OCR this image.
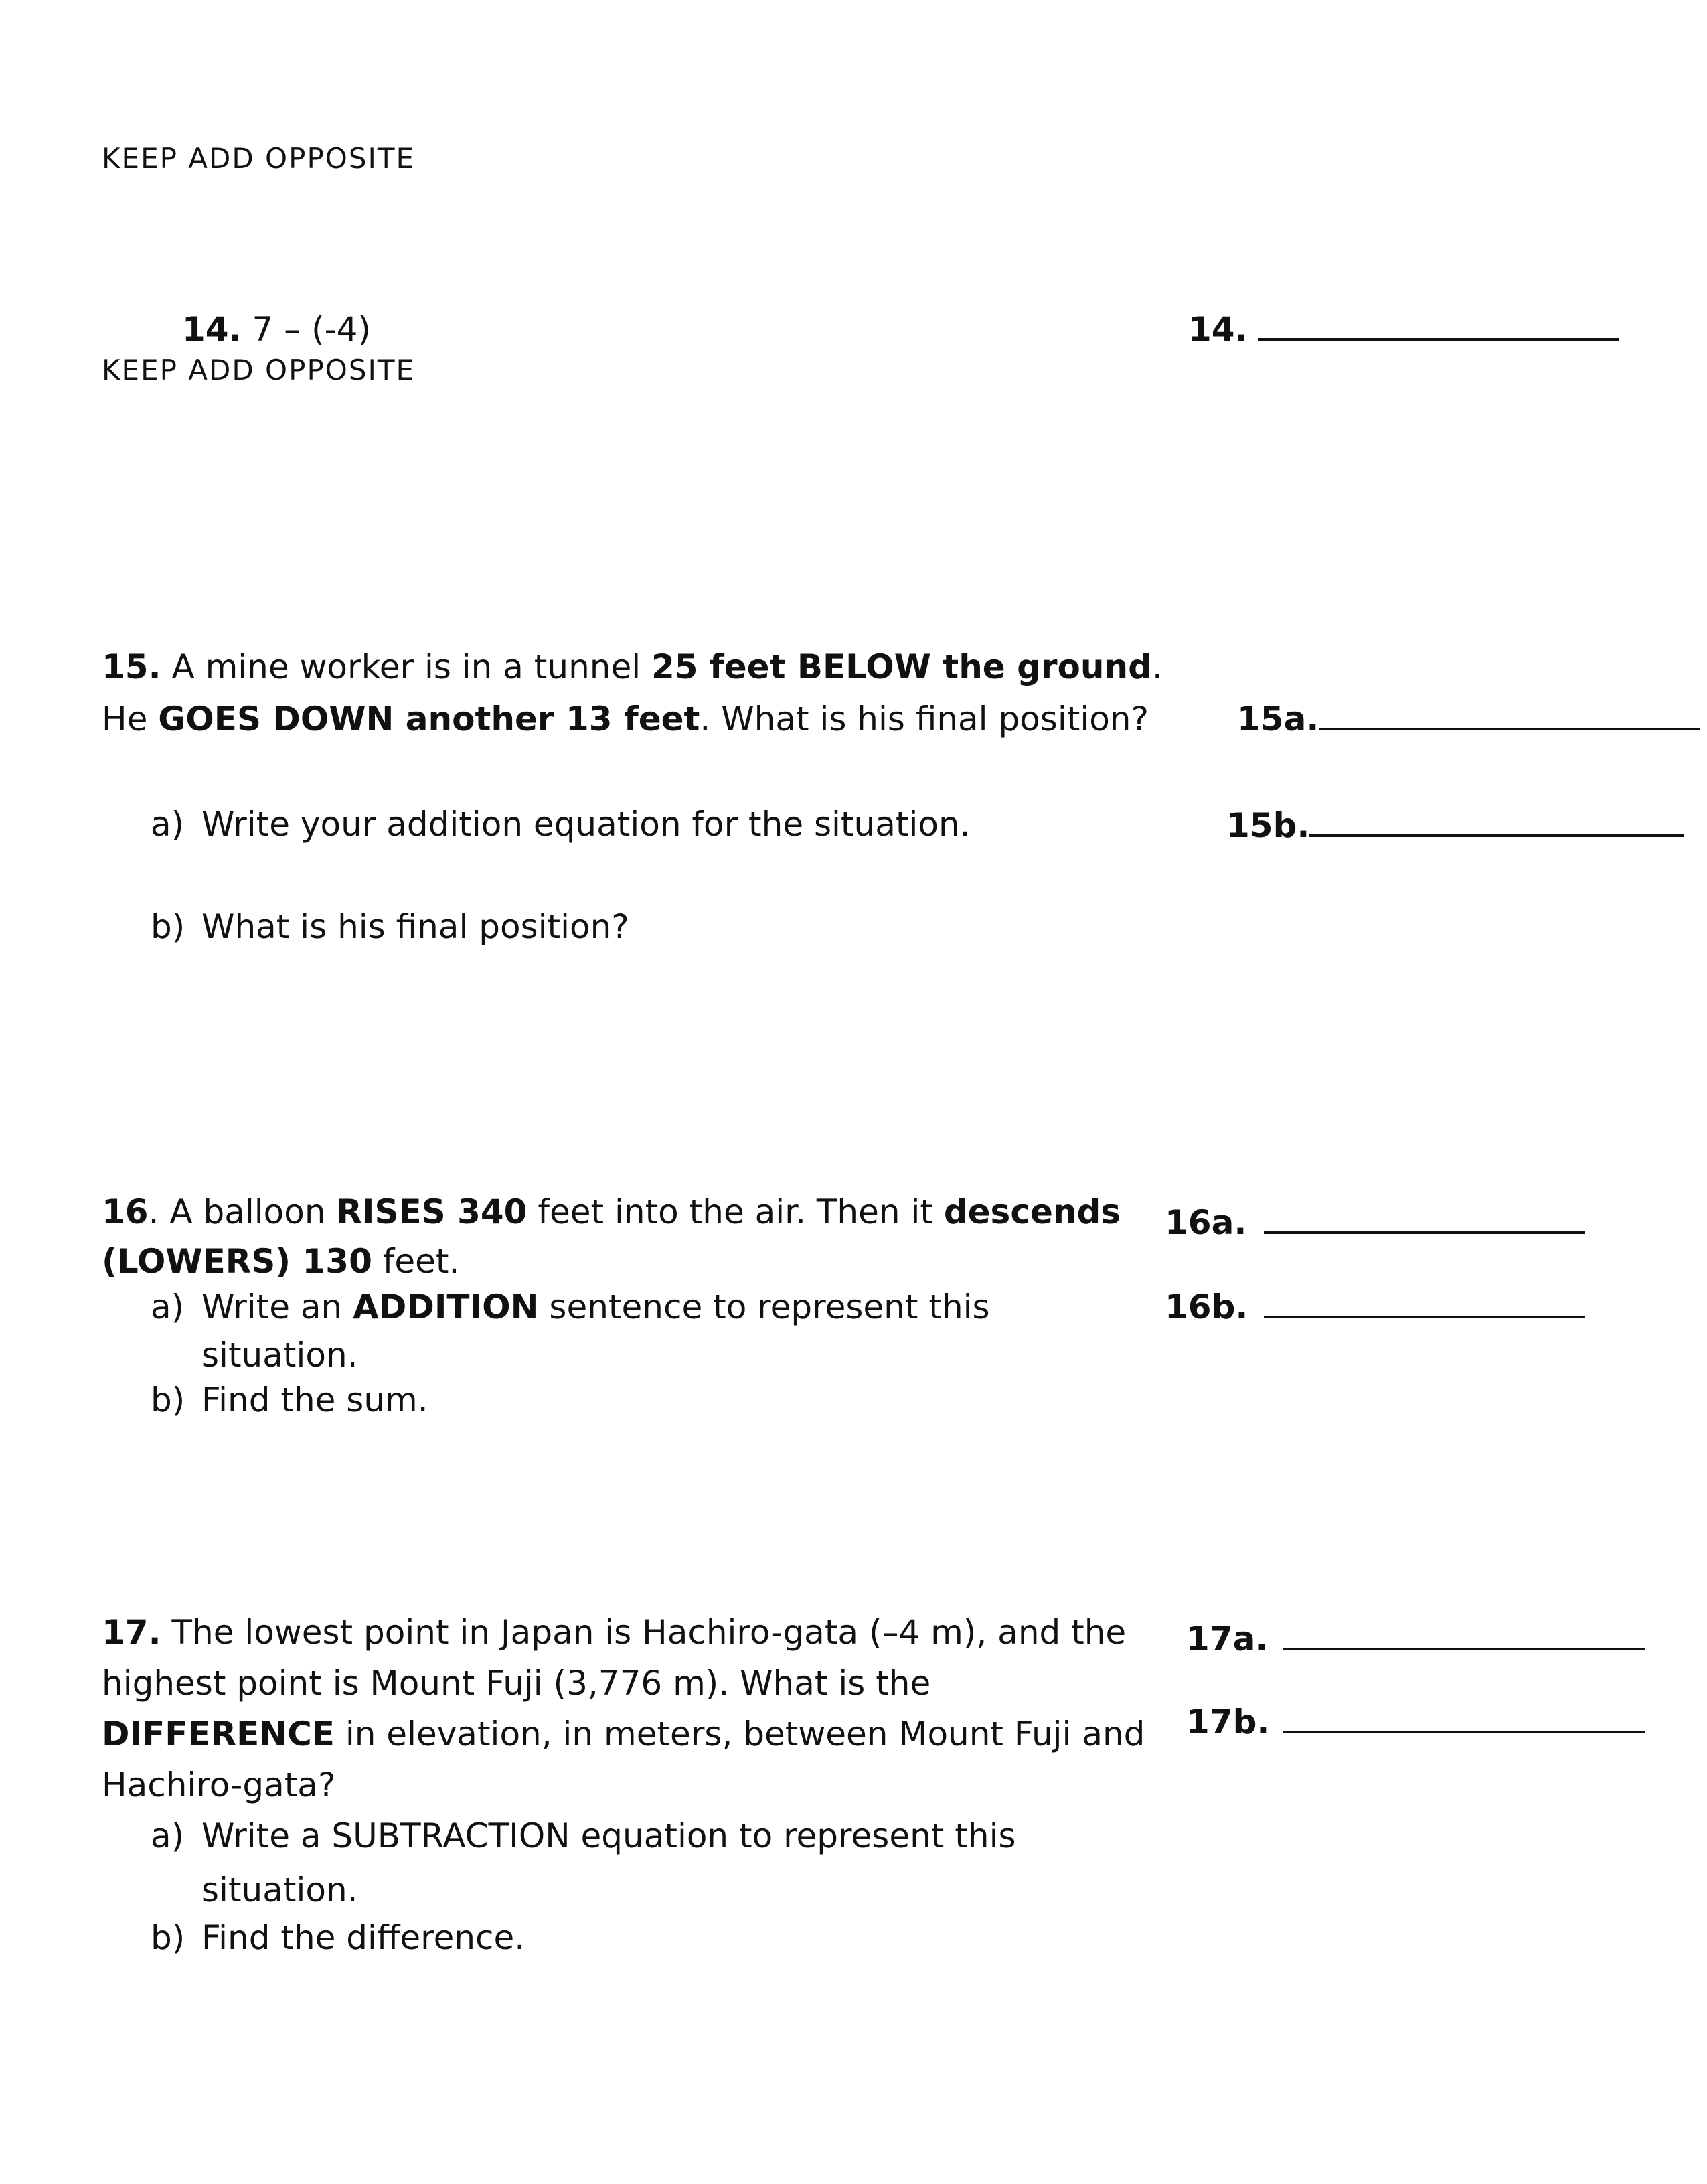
KEEP ADD OPPOSITE
14. 7 – (-4)
KEEP ADD OPPOSITE
14.
15. A mine worker is in a tunnel 25 feet BELOW the ground.
He GOES DOWN another 13 feet. What is his final position?
a) Write your addition equation for the situation.
b) What is his final position?
15a.
15b.
16. A balloon RISES 340 feet into the air. Then it descends
(LOWERS) 130 feet.
a) Write an ADDITION sentence to represent this
situation.
b) Find the sum.
16a.
16b.
17. The lowest point in Japan is Hachiro-gata (–4 m), and the
highest point is Mount Fuji (3,776 m). What is the
DIFFERENCE in elevation, in meters, between Mount Fuji and
Hachiro-gata?
a) Write a SUBTRACTION equation to represent this
situation.
b) Find the difference.
17a.
17b.
